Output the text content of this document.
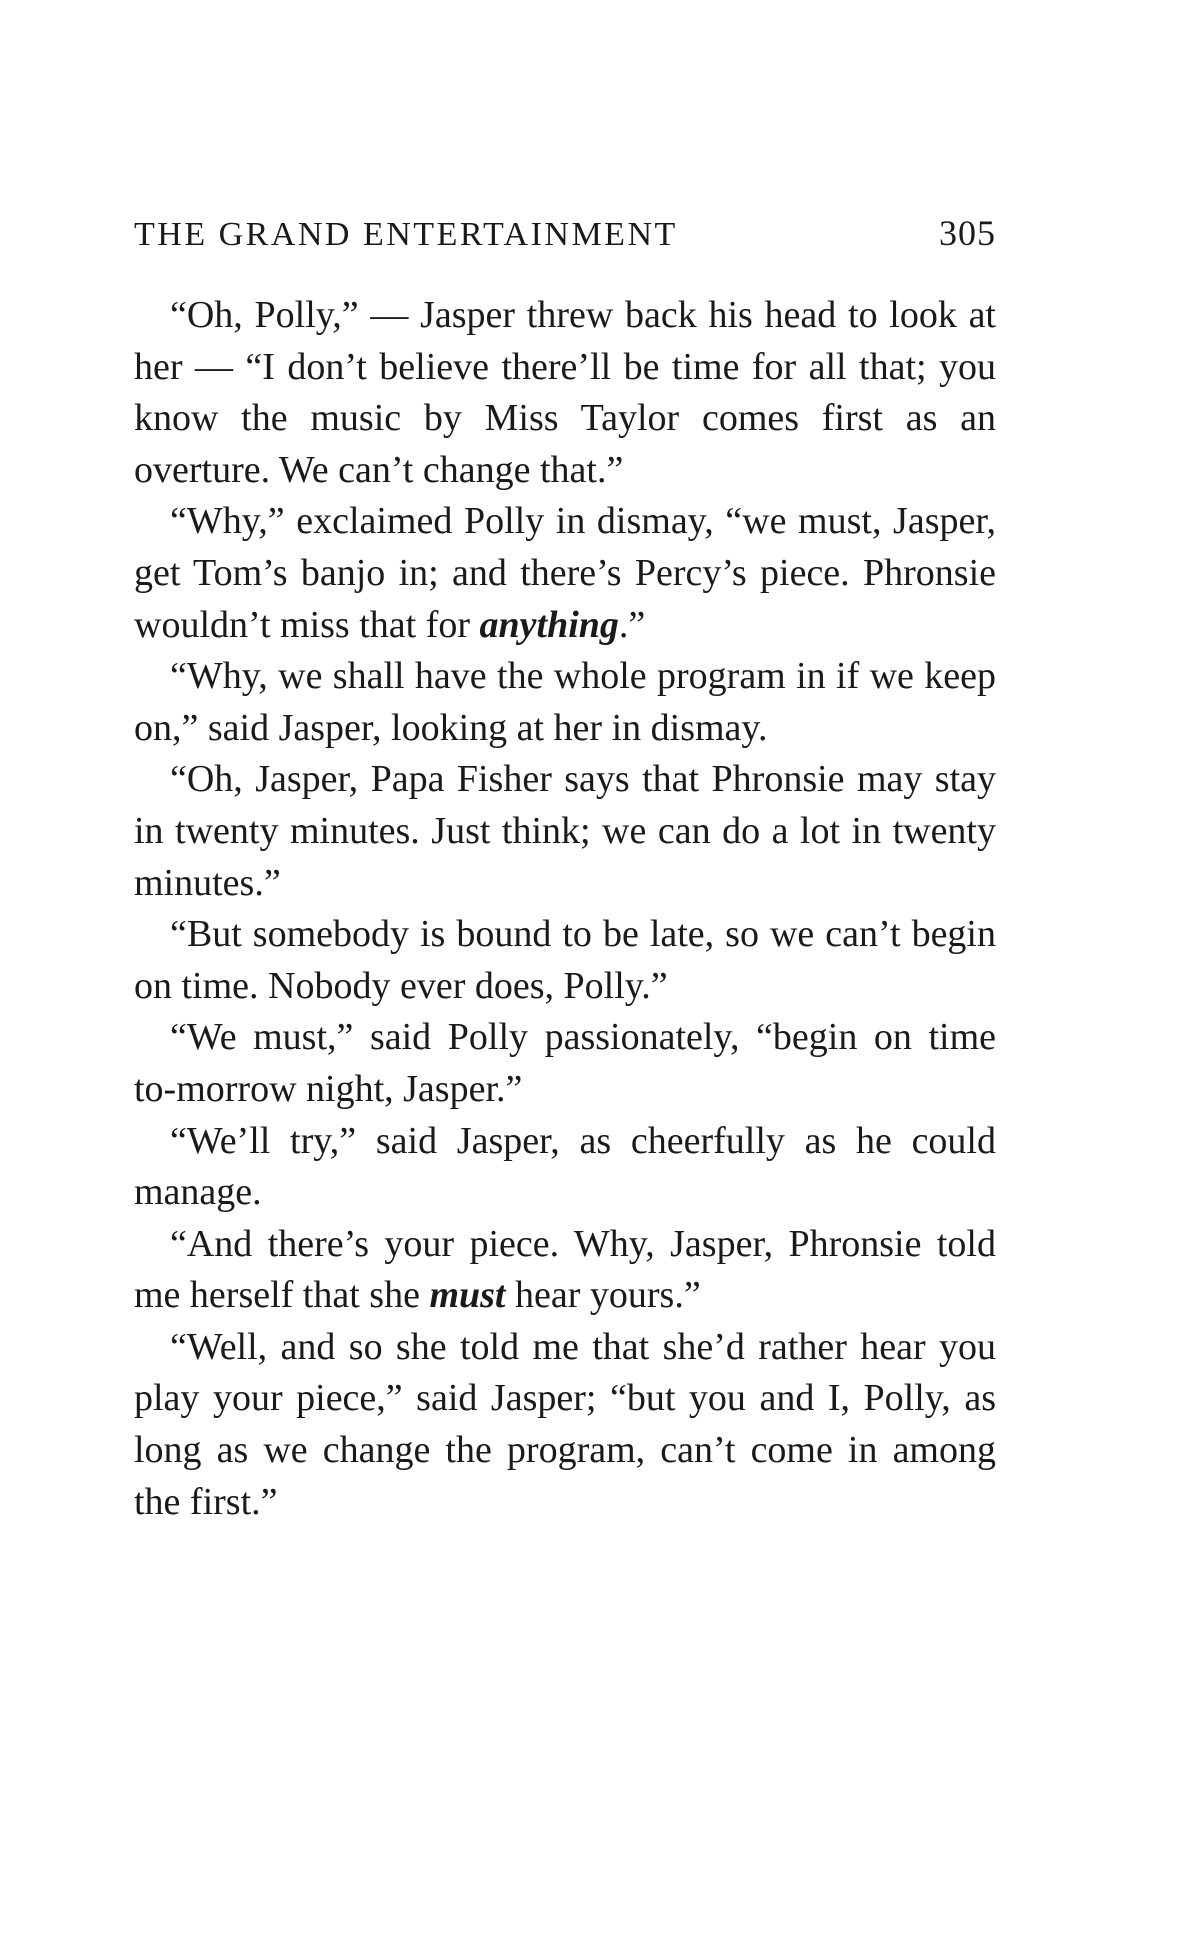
THE GRAND ENTERTAINMENT	305

“Oh, Polly,” — Jasper threw back his head to look at her — “I don’t believe there’ll be time for all that; you know the music by Miss Taylor comes first as an overture. We can’t change that.”

“Why,” exclaimed Polly in dismay, “we must, Jasper, get Tom’s banjo in; and there’s Percy’s piece. Phronsie wouldn’t miss that for anything.”

“Why, we shall have the whole program in if we keep on,” said Jasper, looking at her in dismay.

“Oh, Jasper, Papa Fisher says that Phronsie may stay in twenty minutes. Just think; we can do a lot in twenty minutes.”

“But somebody is bound to be late, so we can’t begin on time. Nobody ever does, Polly.”

“We must,” said Polly passionately, “begin on time to-morrow night, Jasper.”

“We’ll try,” said Jasper, as cheerfully as he could manage.

“And there’s your piece. Why, Jasper, Phronsie told me herself that she must hear yours.”

“Well, and so she told me that she’d rather hear you play your piece,” said Jasper; “but you and I, Polly, as long as we change the program, can’t come in among the first.”
